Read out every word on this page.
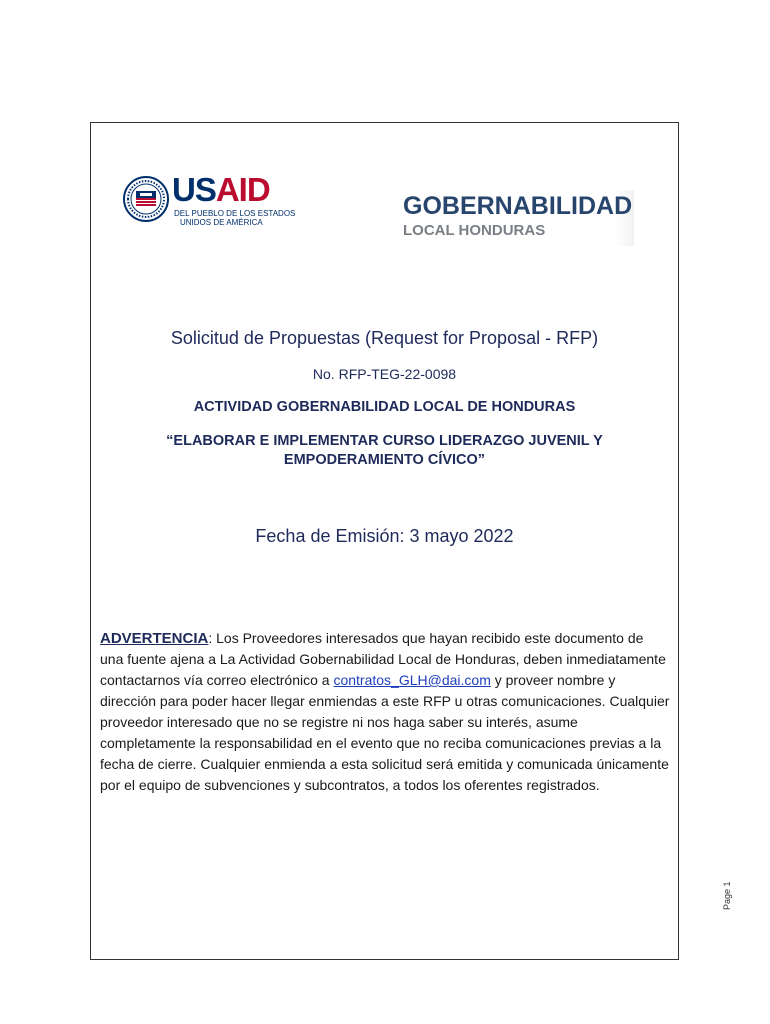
USAID
DEL PUEBLO DE LOS ESTADOS
UNIDOS DE AMÉRICA
GOBERNABILIDAD
LOCAL HONDURAS
Solicitud de Propuestas (Request for Proposal - RFP)
No. RFP-TEG-22-0098
ACTIVIDAD GOBERNABILIDAD LOCAL DE HONDURAS
“ELABORAR E IMPLEMENTAR CURSO LIDERAZGO JUVENIL Y
EMPODERAMIENTO CÍVICO”
Fecha de Emisión: 3 mayo 2022
ADVERTENCIA: Los Proveedores interesados que hayan recibido este documento de una fuente ajena a La Actividad Gobernabilidad Local de Honduras, deben inmediatamente contactarnos vía correo electrónico a contratos_GLH@dai.com y proveer nombre y dirección para poder hacer llegar enmiendas a este RFP u otras comunicaciones. Cualquier proveedor interesado que no se registre ni nos haga saber su interés, asume completamente la responsabilidad en el evento que no reciba comunicaciones previas a la fecha de cierre. Cualquier enmienda a esta solicitud será emitida y comunicada únicamente por el equipo de subvenciones y subcontratos, a todos los oferentes registrados.
Page 1
